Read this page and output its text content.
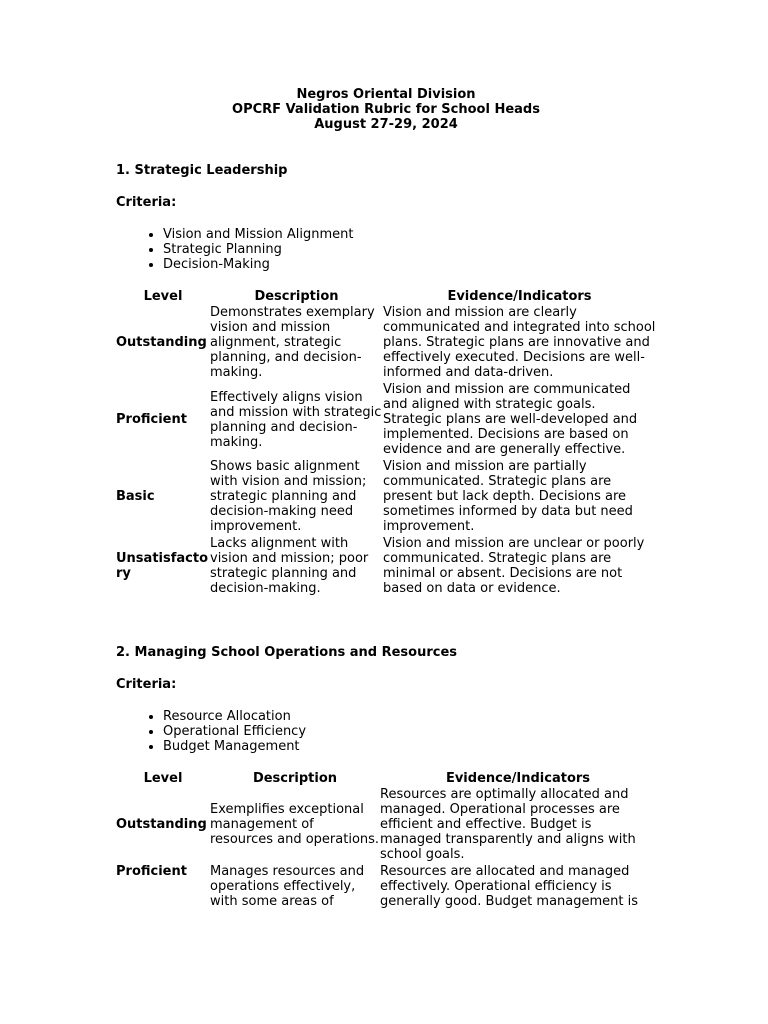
Negros Oriental Division
OPCRF Validation Rubric for School Heads
August 27-29, 2024
1. Strategic Leadership
Criteria:
• Vision and Mission Alignment
• Strategic Planning
• Decision-Making
Level	Description	Evidence/Indicators
Outstanding	Demonstrates exemplary vision and mission alignment, strategic planning, and decision-making.	Vision and mission are clearly communicated and integrated into school plans. Strategic plans are innovative and effectively executed. Decisions are well-informed and data-driven.
Proficient	Effectively aligns vision and mission with strategic planning and decision-making.	Vision and mission are communicated and aligned with strategic goals. Strategic plans are well-developed and implemented. Decisions are based on evidence and are generally effective.
Basic	Shows basic alignment with vision and mission; strategic planning and decision-making need improvement.	Vision and mission are partially communicated. Strategic plans are present but lack depth. Decisions are sometimes informed by data but need improvement.
Unsatisfactory	Lacks alignment with vision and mission; poor strategic planning and decision-making.	Vision and mission are unclear or poorly communicated. Strategic plans are minimal or absent. Decisions are not based on data or evidence.
2. Managing School Operations and Resources
Criteria:
• Resource Allocation
• Operational Efficiency
• Budget Management
Level	Description	Evidence/Indicators
Outstanding	Exemplifies exceptional management of resources and operations.	Resources are optimally allocated and managed. Operational processes are efficient and effective. Budget is managed transparently and aligns with school goals.
Proficient	Manages resources and operations effectively, with some areas of	Resources are allocated and managed effectively. Operational efficiency is generally good. Budget management is
